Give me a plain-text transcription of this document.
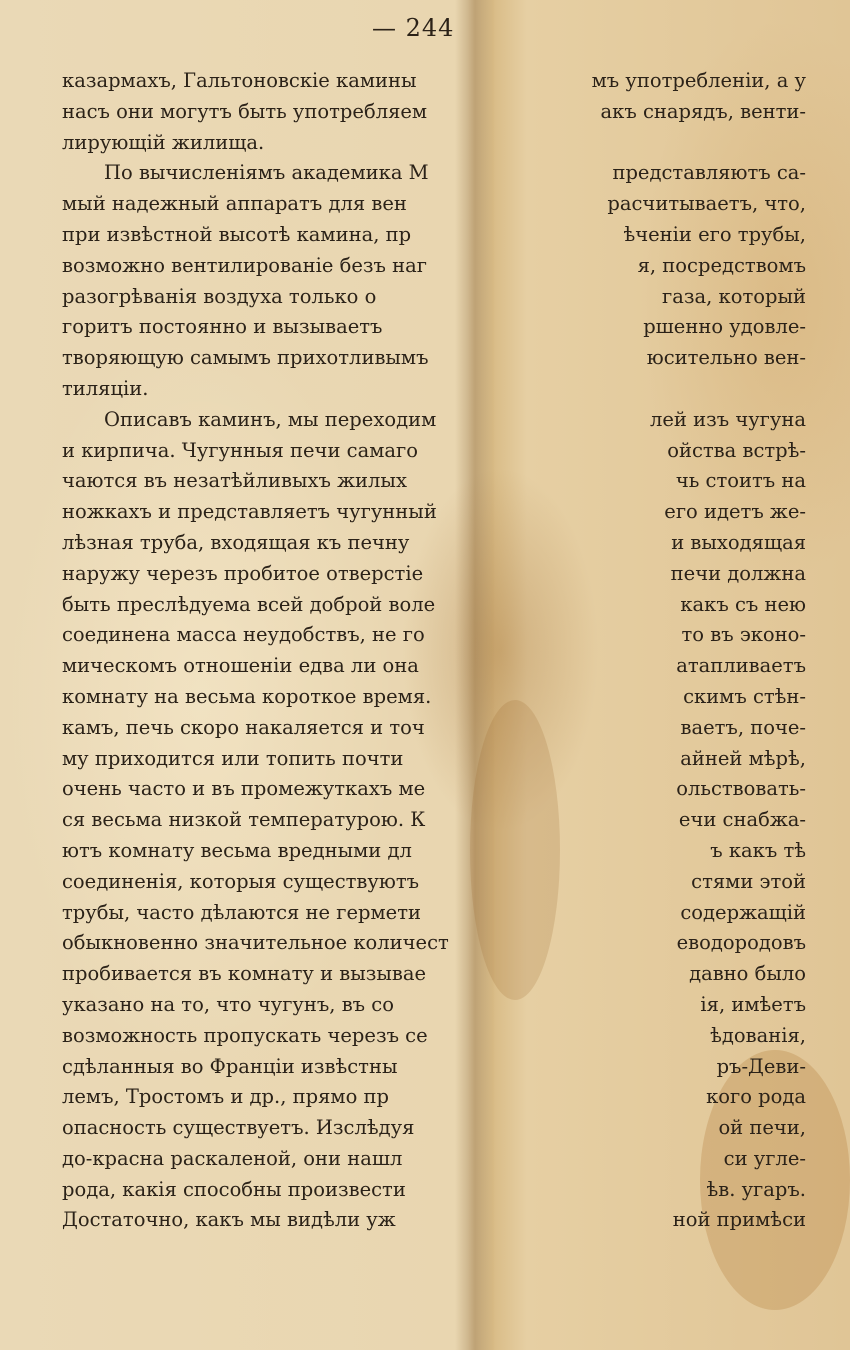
— 244
казармахъ, Гальтоновскiе камины
насъ они могутъ быть употребляем
лирующiй жилища.
По вычисленiямъ академика М
мый надежный аппаратъ для вен
при извѣстной высотѣ камина, пр
возможно вентилированiе безъ наг
разогрѣванiя воздуха только о
горитъ постоянно и вызываетъ
творяющую самымъ прихотливымъ
тиляцiи.
Описавъ каминъ, мы переходим
и кирпича. Чугунныя печи самаго
чаются въ незатѣйливыхъ жилых
ножкахъ и представляетъ чугунный
лѣзная труба, входящая къ печну
наружу черезъ пробитое отверстiе
быть преслѣдуема всей доброй воле
соединена масса неудобствъ, не го
мическомъ отношенiи едва ли она
комнату на весьма короткое время.
камъ, печь скоро накаляется и точ
му приходится или топить почти
очень часто и въ промежуткахъ ме
ся весьма низкой температурою. К
ютъ комнату весьма вредными дл
соединенiя, которыя существуютъ
трубы, часто дѣлаются не гермети
обыкновенно значительное количест
пробивается въ комнату и вызывае
указано на то, что чугунъ, въ со
возможность пропускать черезъ се
сдѣланныя во Францiи извѣстны
лемъ, Тростомъ и др., прямо пр
опасность существуетъ. Изслѣдуя
до-красна раскаленой, они нашл
рода, какiя способны произвести
Достаточно, какъ мы видѣли уж
мъ употребленiи, а у
акъ снарядъ, венти-
представляютъ са-
расчитываетъ, что,
ѣченiи его трубы,
я, посредствомъ
газа, который
ршенно удовле-
юсительно вен-
лей изъ чугуна
ойства встрѣ-
чь стоитъ на
его идетъ же-
и выходящая
печи должна
какъ съ нею
то въ эконо-
атапливаетъ
скимъ стѣн-
ваетъ, поче-
айней мѣрѣ,
ольствовать-
ечи снабжа-
ъ какъ тѣ
стями этой
содержащiй
еводородовъ
давно было
iя, имѣетъ
ѣдованiя,
ръ-Деви-
кого рода
ой печи,
си угле-
ѣв. угаръ.
ной примѣси
